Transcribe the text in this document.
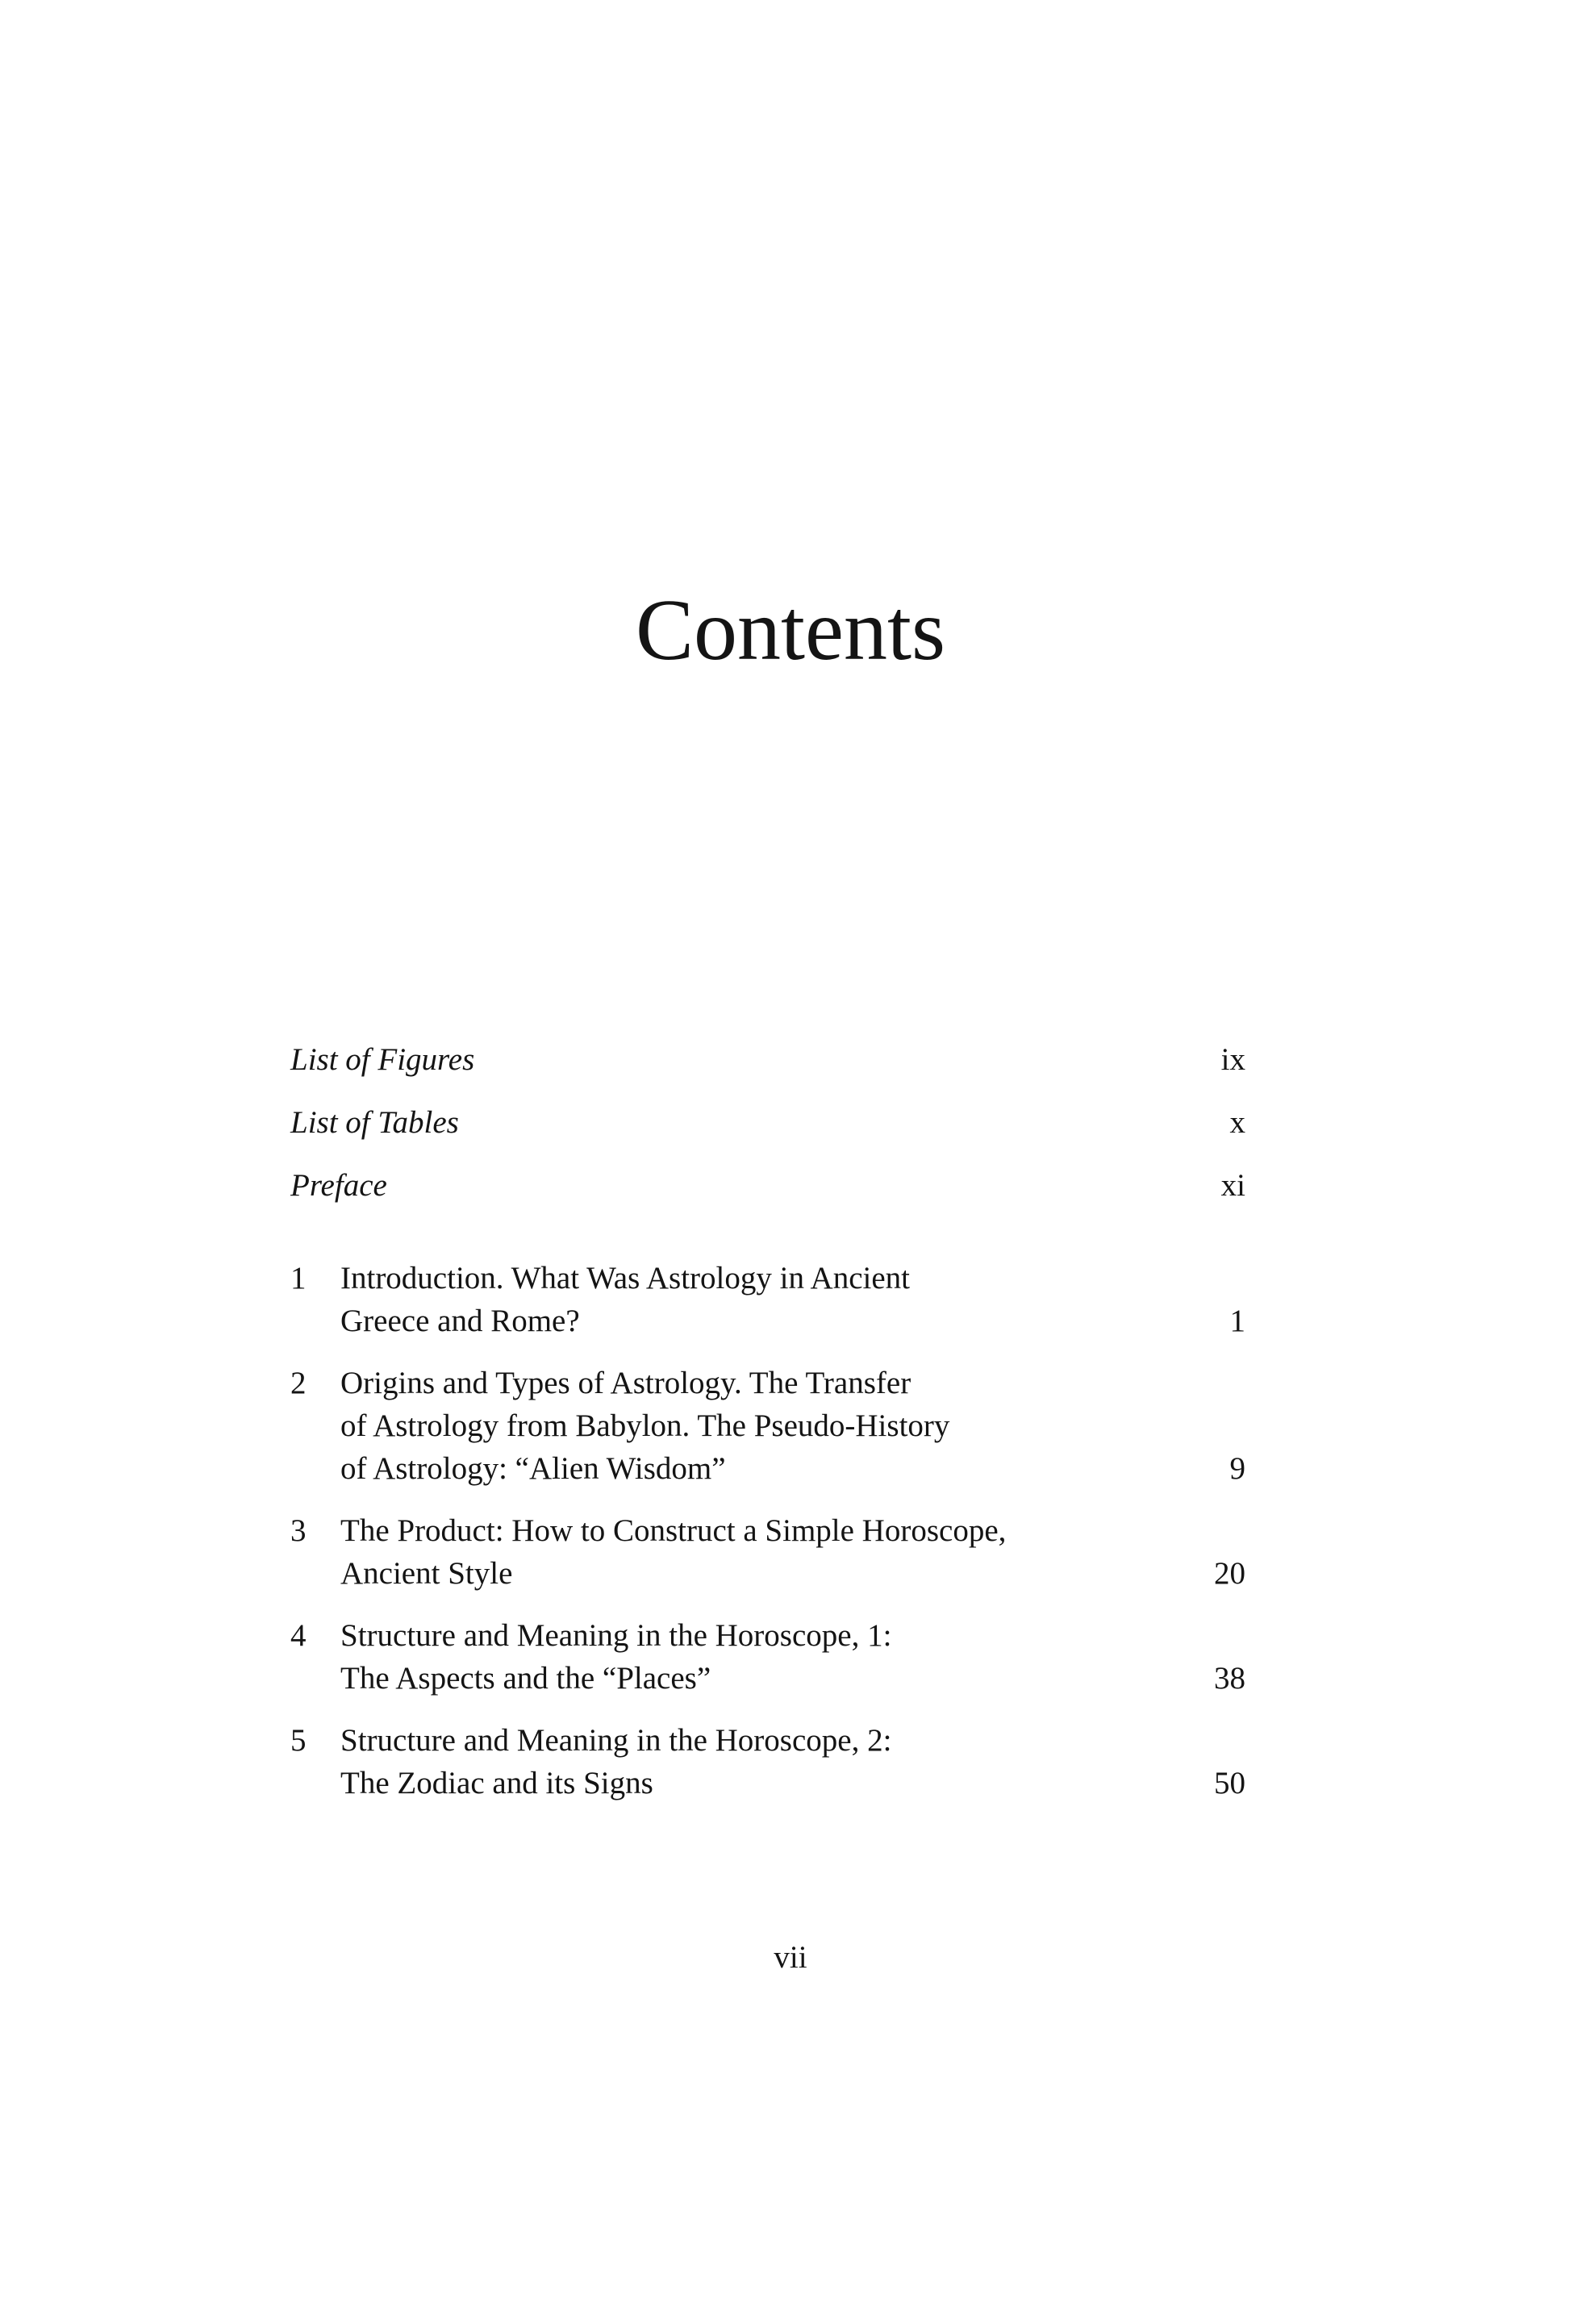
Contents
List of Figures	ix
List of Tables	x
Preface	xi
1 Introduction. What Was Astrology in Ancient
Greece and Rome?	1
2 Origins and Types of Astrology. The Transfer
of Astrology from Babylon. The Pseudo-History
of Astrology: “Alien Wisdom”	9
3 The Product: How to Construct a Simple Horoscope,
Ancient Style	20
4 Structure and Meaning in the Horoscope, 1:
The Aspects and the “Places”	38
5 Structure and Meaning in the Horoscope, 2:
The Zodiac and its Signs	50
vii
